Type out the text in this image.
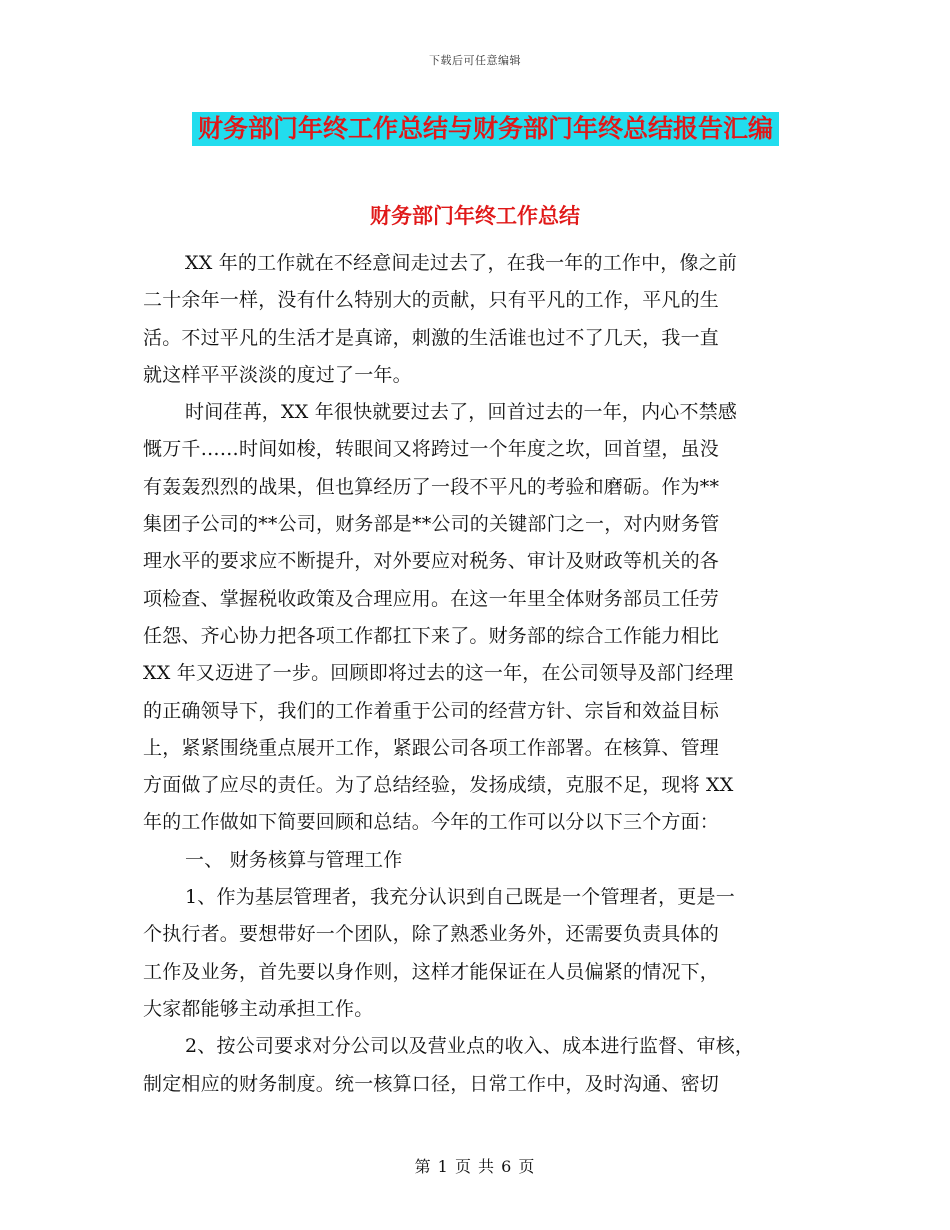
下载后可任意编辑
财务部门年终工作总结与财务部门年终总结报告汇编
财务部门年终工作总结
XX 年的工作就在不经意间走过去了，在我一年的工作中，像之前
二十余年一样，没有什么特别大的贡献，只有平凡的工作，平凡的生
活。不过平凡的生活才是真谛，刺激的生活谁也过不了几天，我一直
就这样平平淡淡的度过了一年。
时间荏苒，XX 年很快就要过去了，回首过去的一年，内心不禁感
慨万千……时间如梭，转眼间又将跨过一个年度之坎，回首望，虽没
有轰轰烈烈的战果，但也算经历了一段不平凡的考验和磨砺。作为**
集团子公司的**公司，财务部是**公司的关键部门之一，对内财务管
理水平的要求应不断提升，对外要应对税务、审计及财政等机关的各
项检查、掌握税收政策及合理应用。在这一年里全体财务部员工任劳
任怨、齐心协力把各项工作都扛下来了。财务部的综合工作能力相比
XX 年又迈进了一步。回顾即将过去的这一年，在公司领导及部门经理
的正确领导下，我们的工作着重于公司的经营方针、宗旨和效益目标
上，紧紧围绕重点展开工作，紧跟公司各项工作部署。在核算、管理
方面做了应尽的责任。为了总结经验，发扬成绩，克服不足，现将 XX
年的工作做如下简要回顾和总结。今年的工作可以分以下三个方面：
一、 财务核算与管理工作
1、作为基层管理者，我充分认识到自己既是一个管理者，更是一
个执行者。要想带好一个团队，除了熟悉业务外，还需要负责具体的
工作及业务，首先要以身作则，这样才能保证在人员偏紧的情况下，
大家都能够主动承担工作。
2、按公司要求对分公司以及营业点的收入、成本进行监督、审核，
制定相应的财务制度。统一核算口径，日常工作中，及时沟通、密切
第 1 页 共 6 页
